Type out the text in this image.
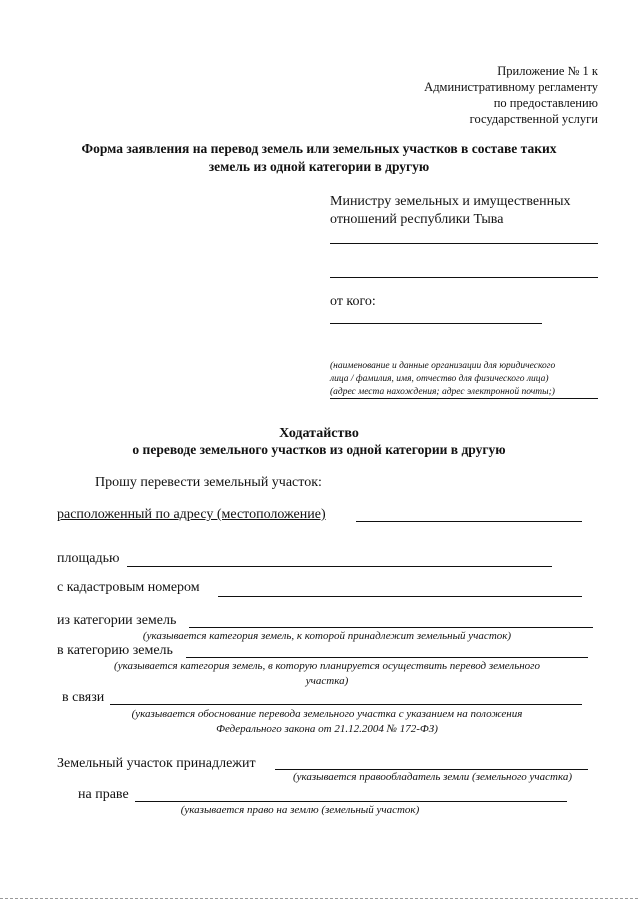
Приложение № 1 к
Административному регламенту
по предоставлению
государственной услуги
Форма заявления на перевод земель или земельных участков в составе таких
земель из одной категории в другую
Министру земельных и имущественных
отношений республики Тыва
от кого:
(наименование и данные организации для юридического
лица / фамилия, имя, отчество для физического лица)
(адрес места нахождения; адрес электронной почты;)
Ходатайство
о переводе земельного участков из одной категории в другую
Прошу перевести земельный участок:
расположенный по адресу (местоположение)
площадью
с кадастровым номером
из категории земель
(указывается категория земель, к которой принадлежит земельный участок)
в категорию земель
(указывается категория земель, в которую планируется осуществить перевод земельного
участка)
в связи
(указывается обоснование перевода земельного участка с указанием на положения
Федерального закона от 21.12.2004 № 172-ФЗ)
Земельный участок принадлежит
(указывается правообладатель земли (земельного участка)
на праве
(указывается право на землю (земельный участок)
